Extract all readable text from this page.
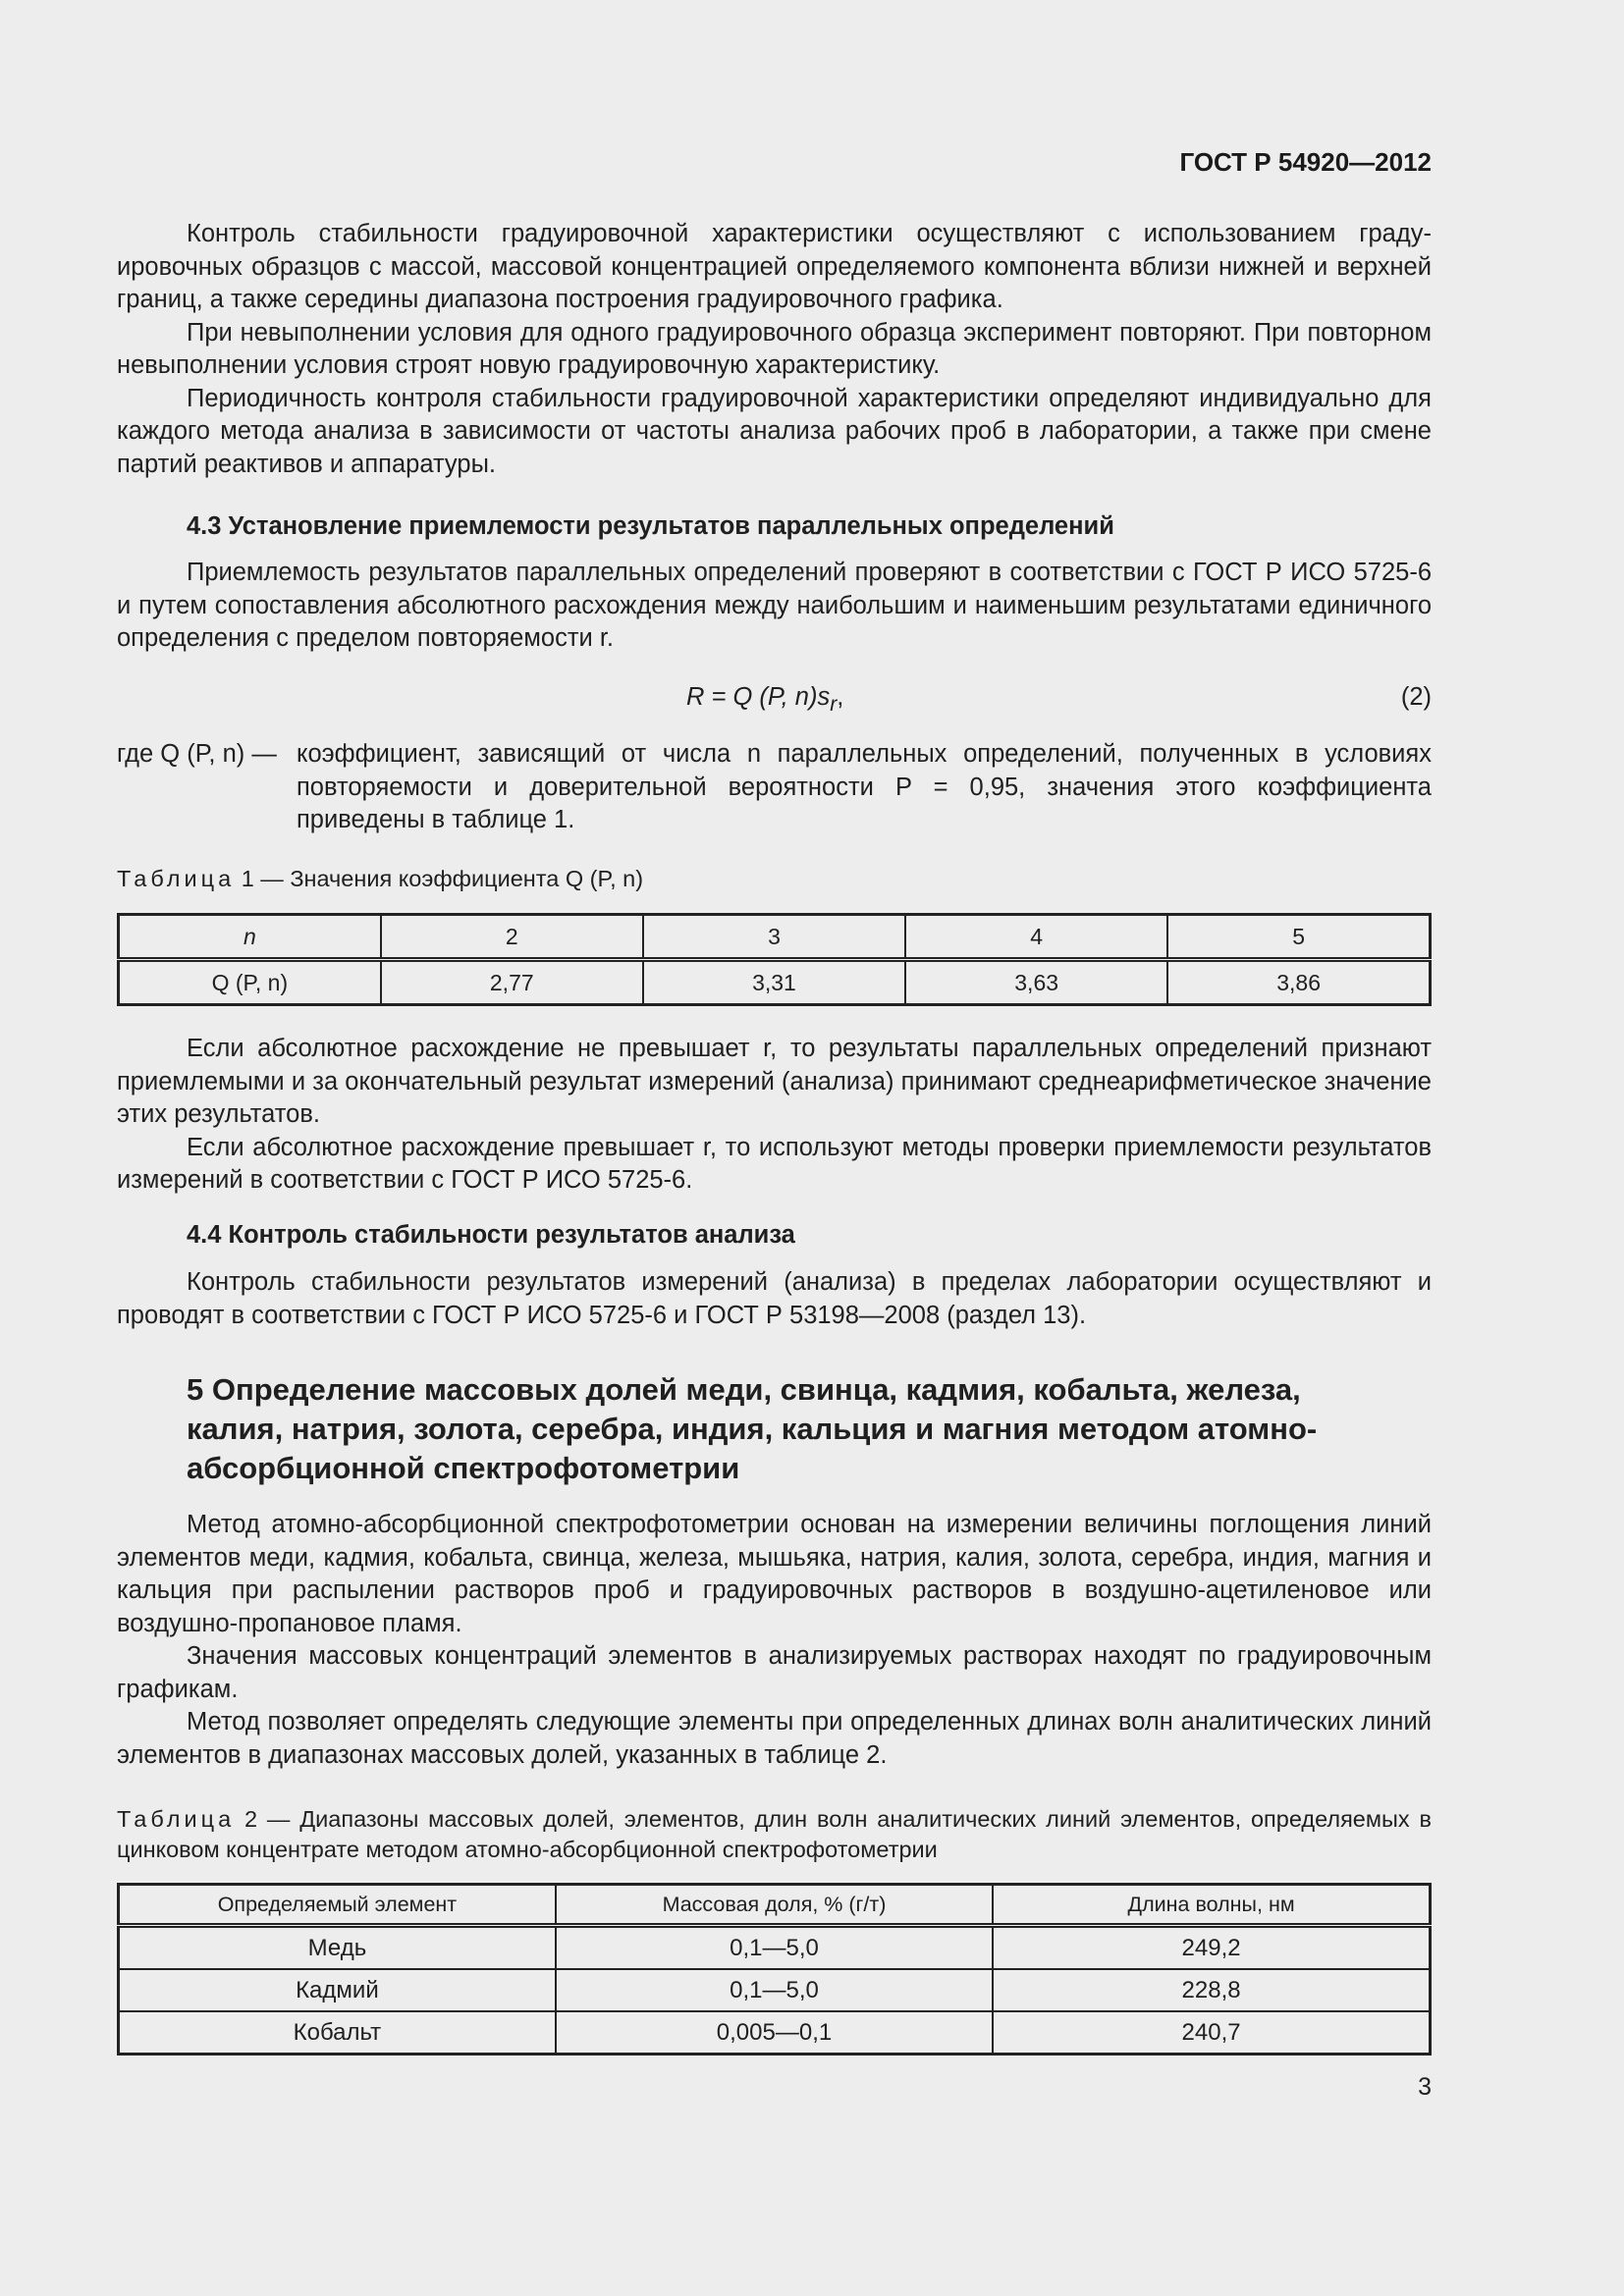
ГОСТ Р 54920—2012

Контроль стабильности градуировочной характеристики осуществляют с использованием градуировочных образцов с массой, массовой концентрацией определяемого компонента вблизи нижней и верхней границ, а также середины диапазона построения градуировочного графика.

При невыполнении условия для одного градуировочного образца эксперимент повторяют. При повторном невыполнении условия строят новую градуировочную характеристику.

Периодичность контроля стабильности градуировочной характеристики определяют индивидуально для каждого метода анализа в зависимости от частоты анализа рабочих проб в лаборатории, а также при смене партий реактивов и аппаратуры.

4.3 Установление приемлемости результатов параллельных определений

Приемлемость результатов параллельных определений проверяют в соответствии с ГОСТ Р ИСО 5725-6 и путем сопоставления абсолютного расхождения между наибольшим и наименьшим результатами единичного определения с пределом повторяемости r.

R = Q (P, $n)s_r$,	(2)
где Q (P, n) — коэффициент, зависящий от числа n параллельных определений, полученных в условиях повторяемости и доверительной вероятности P = 0,95, значения этого коэффициента приведены в таблице 1.

Таблица 1 — Значения коэффициента Q (P, n)

n	2	3	4	5
Q (P, n)	2,77	3,31	3,63	3,86

Если абсолютное расхождение не превышает r, то результаты параллельных определений признают приемлемыми и за окончательный результат измерений (анализа) принимают среднеарифметическое значение этих результатов.

Если абсолютное расхождение превышает r, то используют методы проверки приемлемости результатов измерений в соответствии с ГОСТ Р ИСО 5725-6.

4.4 Контроль стабильности результатов анализа

Контроль стабильности результатов измерений (анализа) в пределах лаборатории осуществляют и проводят в соответствии с ГОСТ Р ИСО 5725-6 и ГОСТ Р 53198—2008 (раздел 13).

5 Определение массовых долей меди, свинца, кадмия, кобальта, железа, калия, натрия, золота, серебра, индия, кальция и магния методом атомно-абсорбционной спектрофотометрии

Метод атомно-абсорбционной спектрофотометрии основан на измерении величины поглощения линий элементов меди, кадмия, кобальта, свинца, железа, мышьяка, натрия, калия, золота, серебра, индия, магния и кальция при распылении растворов проб и градуировочных растворов в воздушно-ацетиленовое или воздушно-пропановое пламя.

Значения массовых концентраций элементов в анализируемых растворах находят по градуировочным графикам.

Метод позволяет определять следующие элементы при определенных длинах волн аналитических линий элементов в диапазонах массовых долей, указанных в таблице 2.

Таблица 2 — Диапазоны массовых долей, элементов, длин волн аналитических линий элементов, определяемых в цинковом концентрате методом атомно-абсорбционной спектрофотометрии

Определяемый элемент	Массовая доля, % (г/т)	Длина волны, нм
Медь	0,1—5,0	249,2
Кадмий	0,1—5,0	228,8
Кобальт	0,005—0,1	240,7
3
